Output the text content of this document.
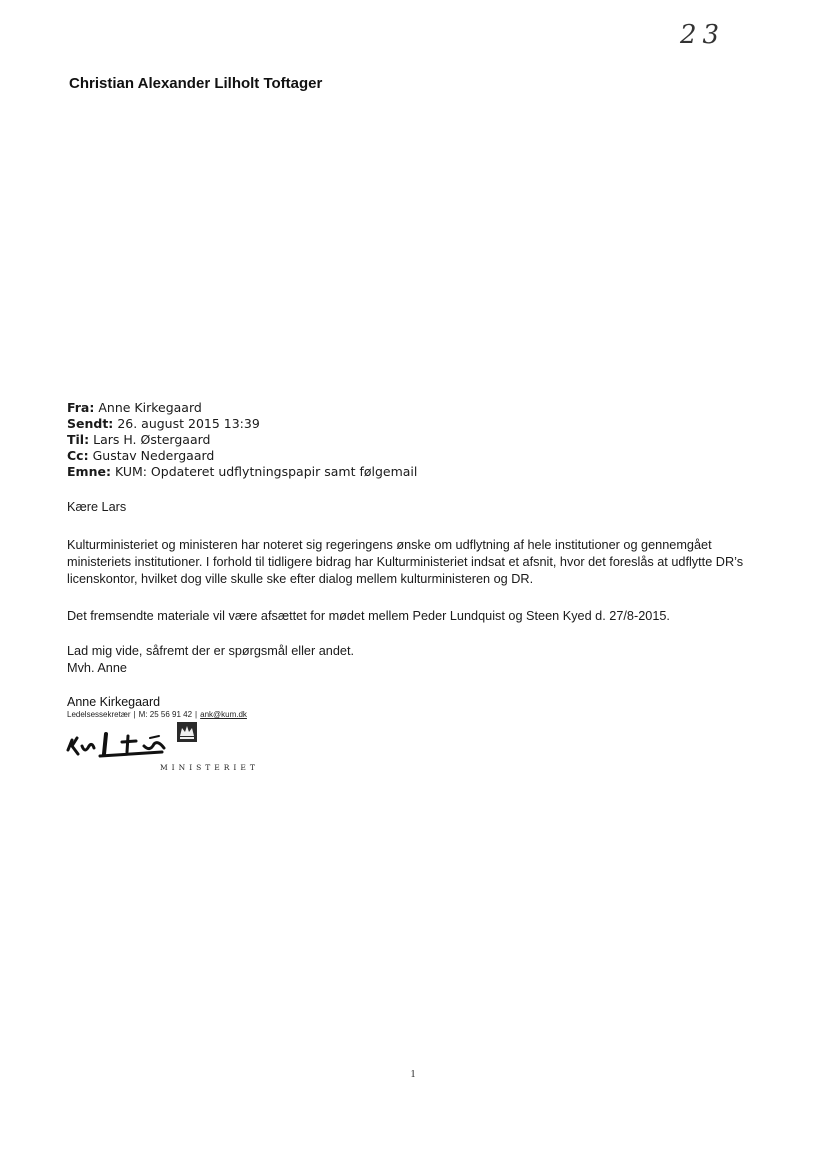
23
Christian Alexander Lilholt Toftager
Fra: Anne Kirkegaard
Sendt: 26. august 2015 13:39
Til: Lars H. Østergaard
Cc: Gustav Nedergaard
Emne: KUM: Opdateret udflytningspapir samt følgemail
Kære Lars
Kulturministeriet og ministeren har noteret sig regeringens ønske om udflytning af hele institutioner og gennemgået ministeriets institutioner. I forhold til tidligere bidrag har Kulturministeriet indsat et afsnit, hvor det foreslås at udflytte DR’s licenskontor, hvilket dog ville skulle ske efter dialog mellem kulturministeren og DR.
Det fremsendte materiale vil være afsættet for mødet mellem Peder Lundquist og Steen Kyed d. 27/8-2015.
Lad mig vide, såfremt der er spørgsmål eller andet.
Mvh. Anne
Anne Kirkegaard
Ledelsessekretær | M: 25 56 91 42 | ank@kum.dk
MINISTERIET
1
